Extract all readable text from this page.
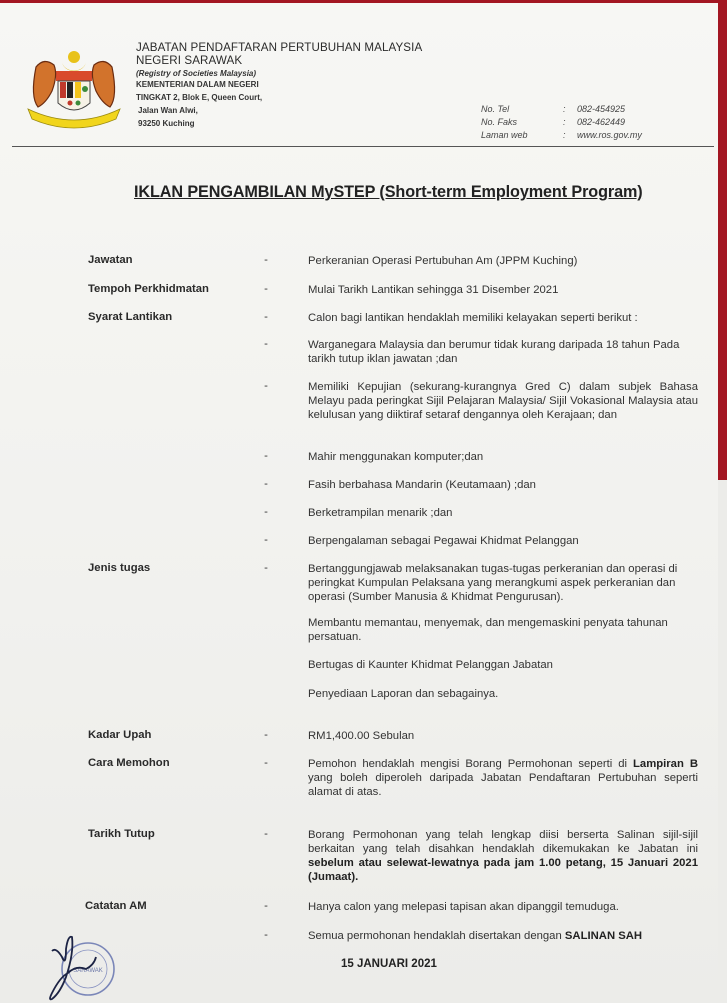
JABATAN PENDAFTARAN PERTUBUHAN MALAYSIA
NEGERI SARAWAK
(Registry of Societies Malaysia)
KEMENTERIAN DALAM NEGERI
TINGKAT 2, Blok E, Queen Court,
Jalan Wan Alwi,
93250 Kuching
No. Tel	:	082-454925
No. Faks	:	082-462449
Laman web	:	www.ros.gov.my
IKLAN PENGAMBILAN MySTEP (Short-term Employment Program)
Jawatan	-	Perkeranian Operasi Pertubuhan Am (JPPM Kuching)
Tempoh Perkhidmatan	-	Mulai Tarikh Lantikan sehingga 31 Disember 2021
Syarat Lantikan	-	Calon bagi lantikan hendaklah memiliki kelayakan seperti berikut :
-	Warganegara Malaysia dan berumur tidak kurang daripada 18 tahun Pada tarikh tutup iklan jawatan ;dan
-	Memiliki Kepujian (sekurang-kurangnya Gred C) dalam subjek Bahasa Melayu pada peringkat Sijil Pelajaran Malaysia/ Sijil Vokasional Malaysia atau kelulusan yang diiktiraf setaraf dengannya oleh Kerajaan; dan
-	Mahir menggunakan komputer;dan
-	Fasih berbahasa Mandarin (Keutamaan) ;dan
-	Berketrampilan menarik ;dan
-	Berpengalaman sebagai Pegawai Khidmat Pelanggan
Jenis tugas	-	Bertanggungjawab melaksanakan tugas-tugas perkeranian dan operasi di peringkat Kumpulan Pelaksana yang merangkumi aspek perkeranian dan operasi (Sumber Manusia & Khidmat Pengurusan).
Membantu memantau, menyemak, dan mengemaskini penyata tahunan persatuan.
Bertugas di Kaunter Khidmat Pelanggan Jabatan
Penyediaan Laporan dan sebagainya.
Kadar Upah	-	RM1,400.00 Sebulan
Cara Memohon	-	Pemohon hendaklah mengisi Borang Permohonan seperti di Lampiran B yang boleh diperoleh daripada Jabatan Pendaftaran Pertubuhan seperti alamat di atas.
Tarikh Tutup	-	Borang Permohonan yang telah lengkap diisi berserta Salinan sijil-sijil berkaitan yang telah disahkan hendaklah dikemukakan ke Jabatan ini sebelum atau selewat-lewatnya pada jam 1.00 petang, 15 Januari 2021 (Jumaat).
Catatan AM	-	Hanya calon yang melepasi tapisan akan dipanggil temuduga.
-	Semua permohonan hendaklah disertakan dengan SALINAN SAH
15 JANUARI 2021
SARAWAK
